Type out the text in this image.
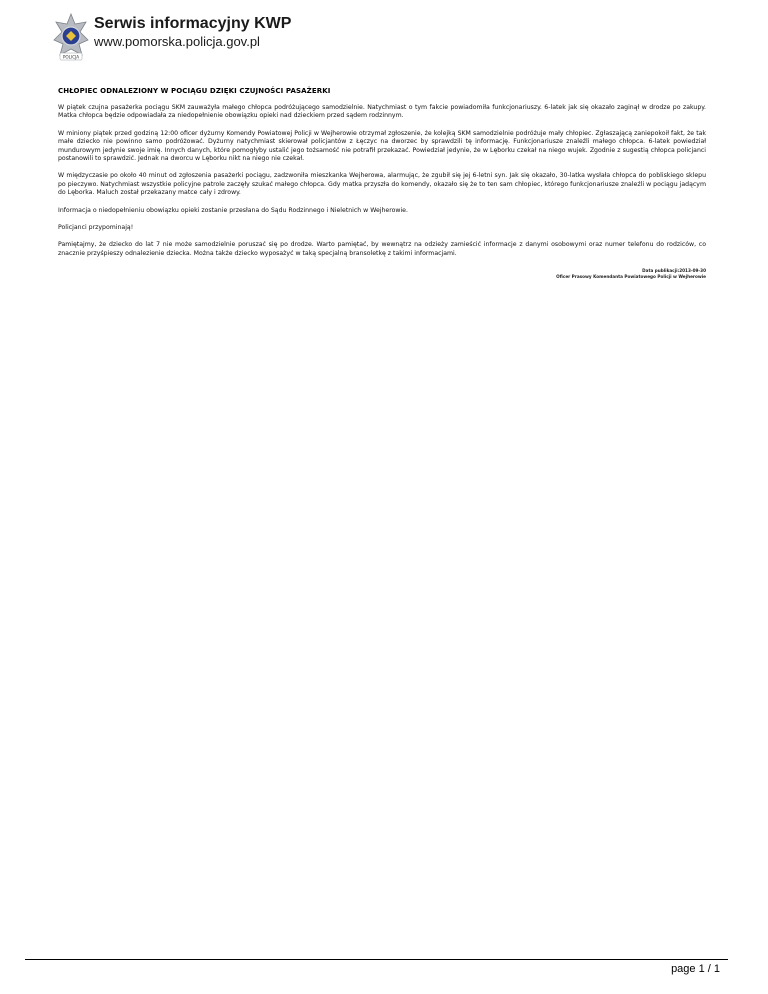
POLICJA
Serwis informacyjny KWP
www.pomorska.policja.gov.pl
CHŁOPIEC ODNALEZIONY W POCIĄGU DZIĘKI CZUJNOŚCI PASAŻERKI

W piątek czujna pasażerka pociągu SKM zauważyła małego chłopca podróżującego samodzielnie. Natychmiast o tym fakcie powiadomiła funkcjonariuszy. 6-latek jak się okazało zaginął w drodze po zakupy. Matka chłopca będzie odpowiadała za niedopełnienie obowiązku opieki nad dzieckiem przed sądem rodzinnym.

W miniony piątek przed godziną 12:00 oficer dyżurny Komendy Powiatowej Policji w Wejherowie otrzymał zgłoszenie, że kolejką SKM samodzielnie podróżuje mały chłopiec. Zgłaszającą zaniepokoił fakt, że tak małe dziecko nie powinno samo podróżować. Dyżurny natychmiast skierował policjantów z Łęczyc na dworzec by sprawdzili tę informację. Funkcjonariusze znaleźli małego chłopca. 6-latek powiedział mundurowym jedynie swoje imię. Innych danych, które pomogłyby ustalić jego tożsamość nie potrafił przekazać. Powiedział jedynie, że w Lęborku czekał na niego wujek. Zgodnie z sugestią chłopca policjanci postanowili to sprawdzić. Jednak na dworcu w Lęborku nikt na niego nie czekał.

W międzyczasie po około 40 minut od zgłoszenia pasażerki pociągu, zadzwoniła mieszkanka Wejherowa, alarmując, że zgubił się jej 6-letni syn. Jak się okazało, 30-latka wysłała chłopca do pobliskiego sklepu po pieczywo. Natychmiast wszystkie policyjne patrole zaczęły szukać małego chłopca. Gdy matka przyszła do komendy, okazało się że to ten sam chłopiec, którego funkcjonariusze znaleźli w pociągu jadącym do Lęborka. Maluch został przekazany matce cały i zdrowy.

Informacja o niedopełnieniu obowiązku opieki zostanie przesłana do Sądu Rodzinnego i Nieletnich w Wejherowie.

Policjanci przypominają!

Pamiętajmy, że dziecko do lat 7 nie może samodzielnie poruszać się po drodze. Warto pamiętać, by wewnątrz na odzieży zamieścić informacje z danymi osobowymi oraz numer telefonu do rodziców, co znacznie przyśpieszy odnalezienie dziecka. Można także dziecko wyposażyć w taką specjalną bransoletkę z takimi informacjami.

Data publikacji:2013-09-30
Oficer Prasowy Komendanta Powiatowego Policji w Wejherowie
page 1 / 1
